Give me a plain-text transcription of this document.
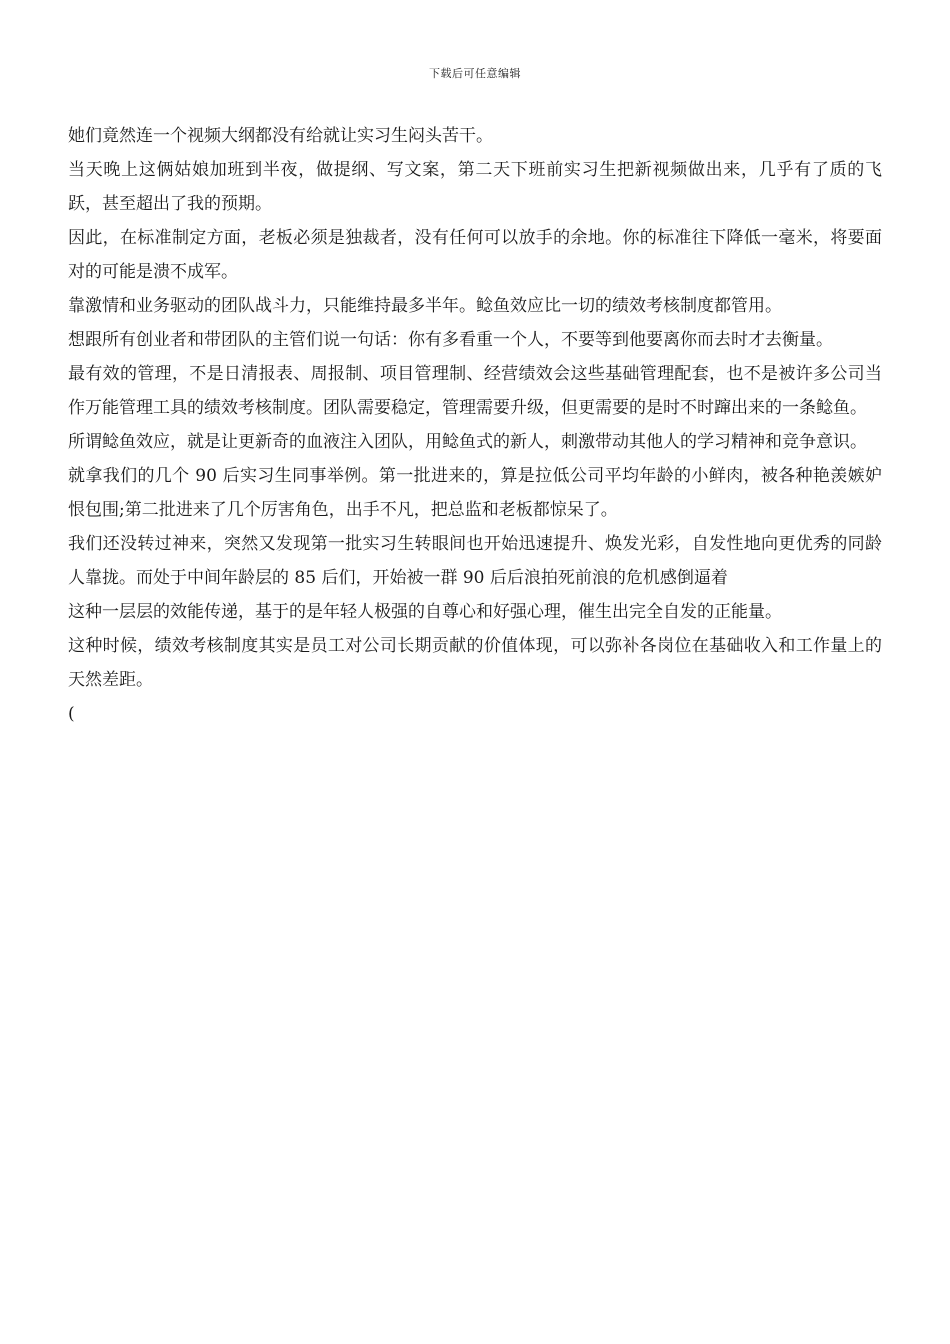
下载后可任意编辑

她们竟然连一个视频大纲都没有给就让实习生闷头苦干。

当天晚上这俩姑娘加班到半夜，做提纲、写文案，第二天下班前实习生把新视频做出来，几乎有了质的飞跃，甚至超出了我的预期。

因此，在标准制定方面，老板必须是独裁者，没有任何可以放手的余地。你的标准往下降低一毫米，将要面对的可能是溃不成军。

靠激情和业务驱动的团队战斗力，只能维持最多半年。鲶鱼效应比一切的绩效考核制度都管用。

想跟所有创业者和带团队的主管们说一句话：你有多看重一个人，不要等到他要离你而去时才去衡量。

最有效的管理，不是日清报表、周报制、项目管理制、经营绩效会这些基础管理配套，也不是被许多公司当作万能管理工具的绩效考核制度。团队需要稳定，管理需要升级，但更需要的是时不时蹿出来的一条鲶鱼。

所谓鲶鱼效应，就是让更新奇的血液注入团队，用鲶鱼式的新人，刺激带动其他人的学习精神和竞争意识。

就拿我们的几个 90 后实习生同事举例。第一批进来的，算是拉低公司平均年龄的小鲜肉，被各种艳羡嫉妒恨包围;第二批进来了几个厉害角色，出手不凡，把总监和老板都惊呆了。

我们还没转过神来，突然又发现第一批实习生转眼间也开始迅速提升、焕发光彩，自发性地向更优秀的同龄人靠拢。而处于中间年龄层的 85 后们，开始被一群 90 后后浪拍死前浪的危机感倒逼着

这种一层层的效能传递，基于的是年轻人极强的自尊心和好强心理，催生出完全自发的正能量。

这种时候，绩效考核制度其实是员工对公司长期贡献的价值体现，可以弥补各岗位在基础收入和工作量上的天然差距。

(
